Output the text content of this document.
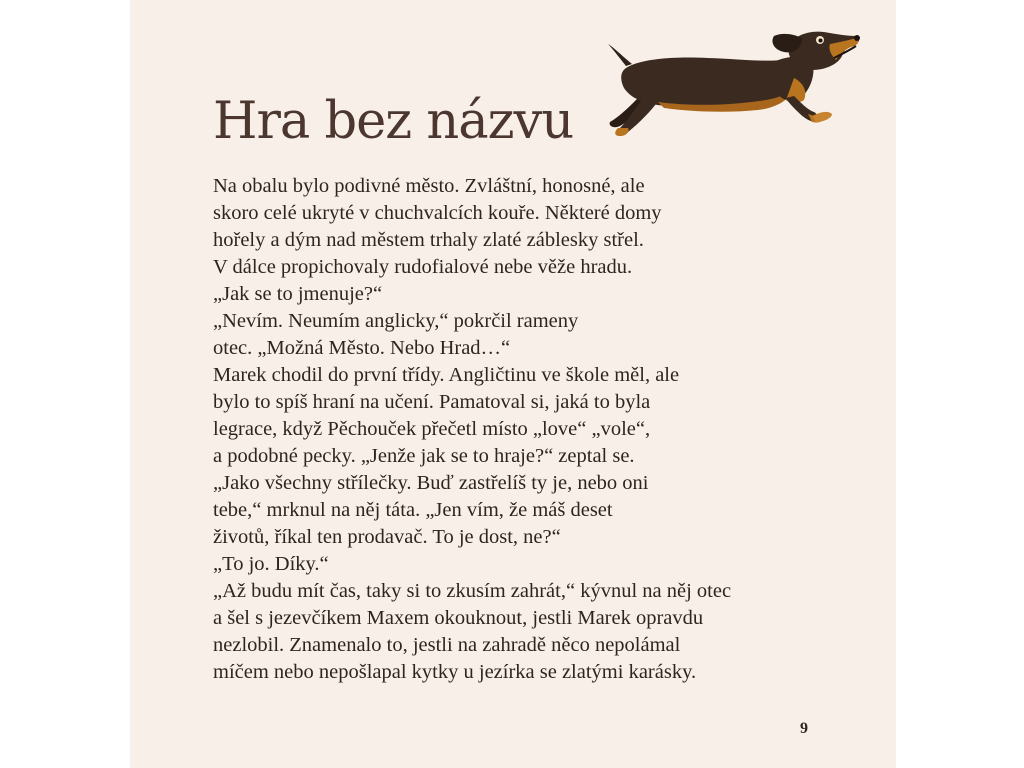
Hra bez názvu
Na obalu bylo podivné město. Zvláštní, honosné, ale
skoro celé ukryté v chuchvalcích kouře. Některé domy
hořely a dým nad městem trhaly zlaté záblesky střel.
V dálce propichovaly rudofialové nebe věže hradu.
„Jak se to jmenuje?“
„Nevím. Neumím anglicky,“ pokrčil rameny
otec. „Možná Město. Nebo Hrad…“
Marek chodil do první třídy. Angličtinu ve škole měl, ale
bylo to spíš hraní na učení. Pamatoval si, jaká to byla
legrace, když Pěchouček přečetl místo „love“ „vole“,
a podobné pecky. „Jenže jak se to hraje?“ zeptal se.
„Jako všechny střílečky. Buď zastřelíš ty je, nebo oni
tebe,“ mrknul na něj táta. „Jen vím, že máš deset
životů, říkal ten prodavač. To je dost, ne?“
„To jo. Díky.“
„Až budu mít čas, taky si to zkusím zahrát,“ kývnul na něj otec
a šel s jezevčíkem Maxem okouknout, jestli Marek opravdu
nezlobil. Znamenalo to, jestli na zahradě něco nepolámal
míčem nebo nepošlapal kytky u jezírka se zlatými karásky.
9
